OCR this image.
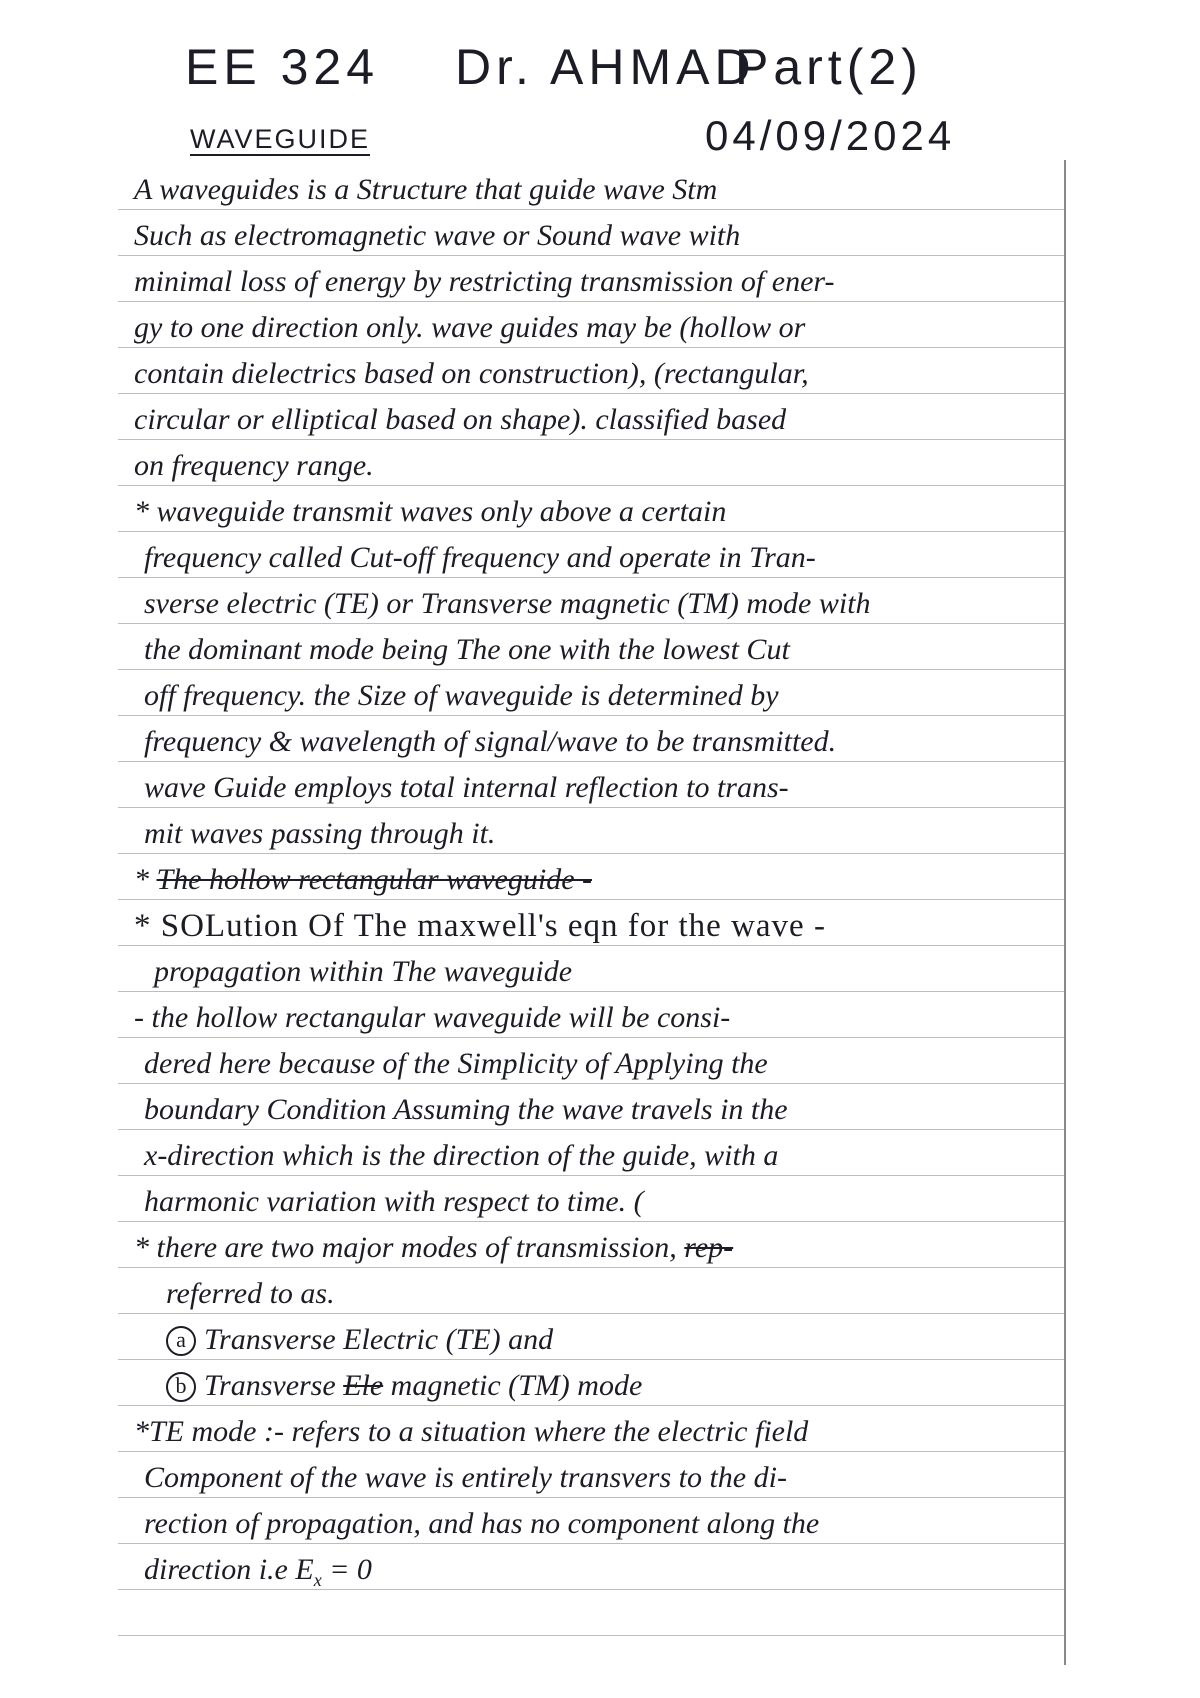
EE 324 Dr. AHMAD
Part(2)
WAVEGUIDE	04/09/2024
A waveguides is a Structure that guide wave Stm
Such as electromagnetic wave or Sound wave with
minimal loss of energy by restricting transmission of ener-
gy to one direction only. wave guides may be (hollow or
contain dielectrics based on construction), (rectangular,
circular or elliptical based on shape). classified based
on frequency range.
* waveguide transmit waves only above a certain
frequency called Cut-off frequency and operate in Tran-
sverse electric (TE) or Transverse magnetic (TM) mode with
the dominant mode being The one with the lowest Cut
off frequency. the Size of waveguide is determined by
frequency & wavelength of signal/wave to be transmitted.
wave Guide employs total internal reflection to trans-
mit waves passing through it.
* The hollow rectangular waveguide -
* SOLution Of The maxwell's eqn for the wave -
propagation within The waveguide
- the hollow rectangular waveguide will be consi-
dered here because of the Simplicity of Applying the
boundary Condition Assuming the wave travels in the
x-direction which is the direction of the guide, with a
harmonic variation with respect to time. (
* there are two major modes of transmission, rep-
referred to as.
a Transverse Electric (TE) and
b Transverse Ele magnetic (TM) mode
*TE mode :- refers to a situation where the electric field
Component of the wave is entirely transvers to the di-
rection of propagation, and has no component along the
direction i.e $E_x = 0$
